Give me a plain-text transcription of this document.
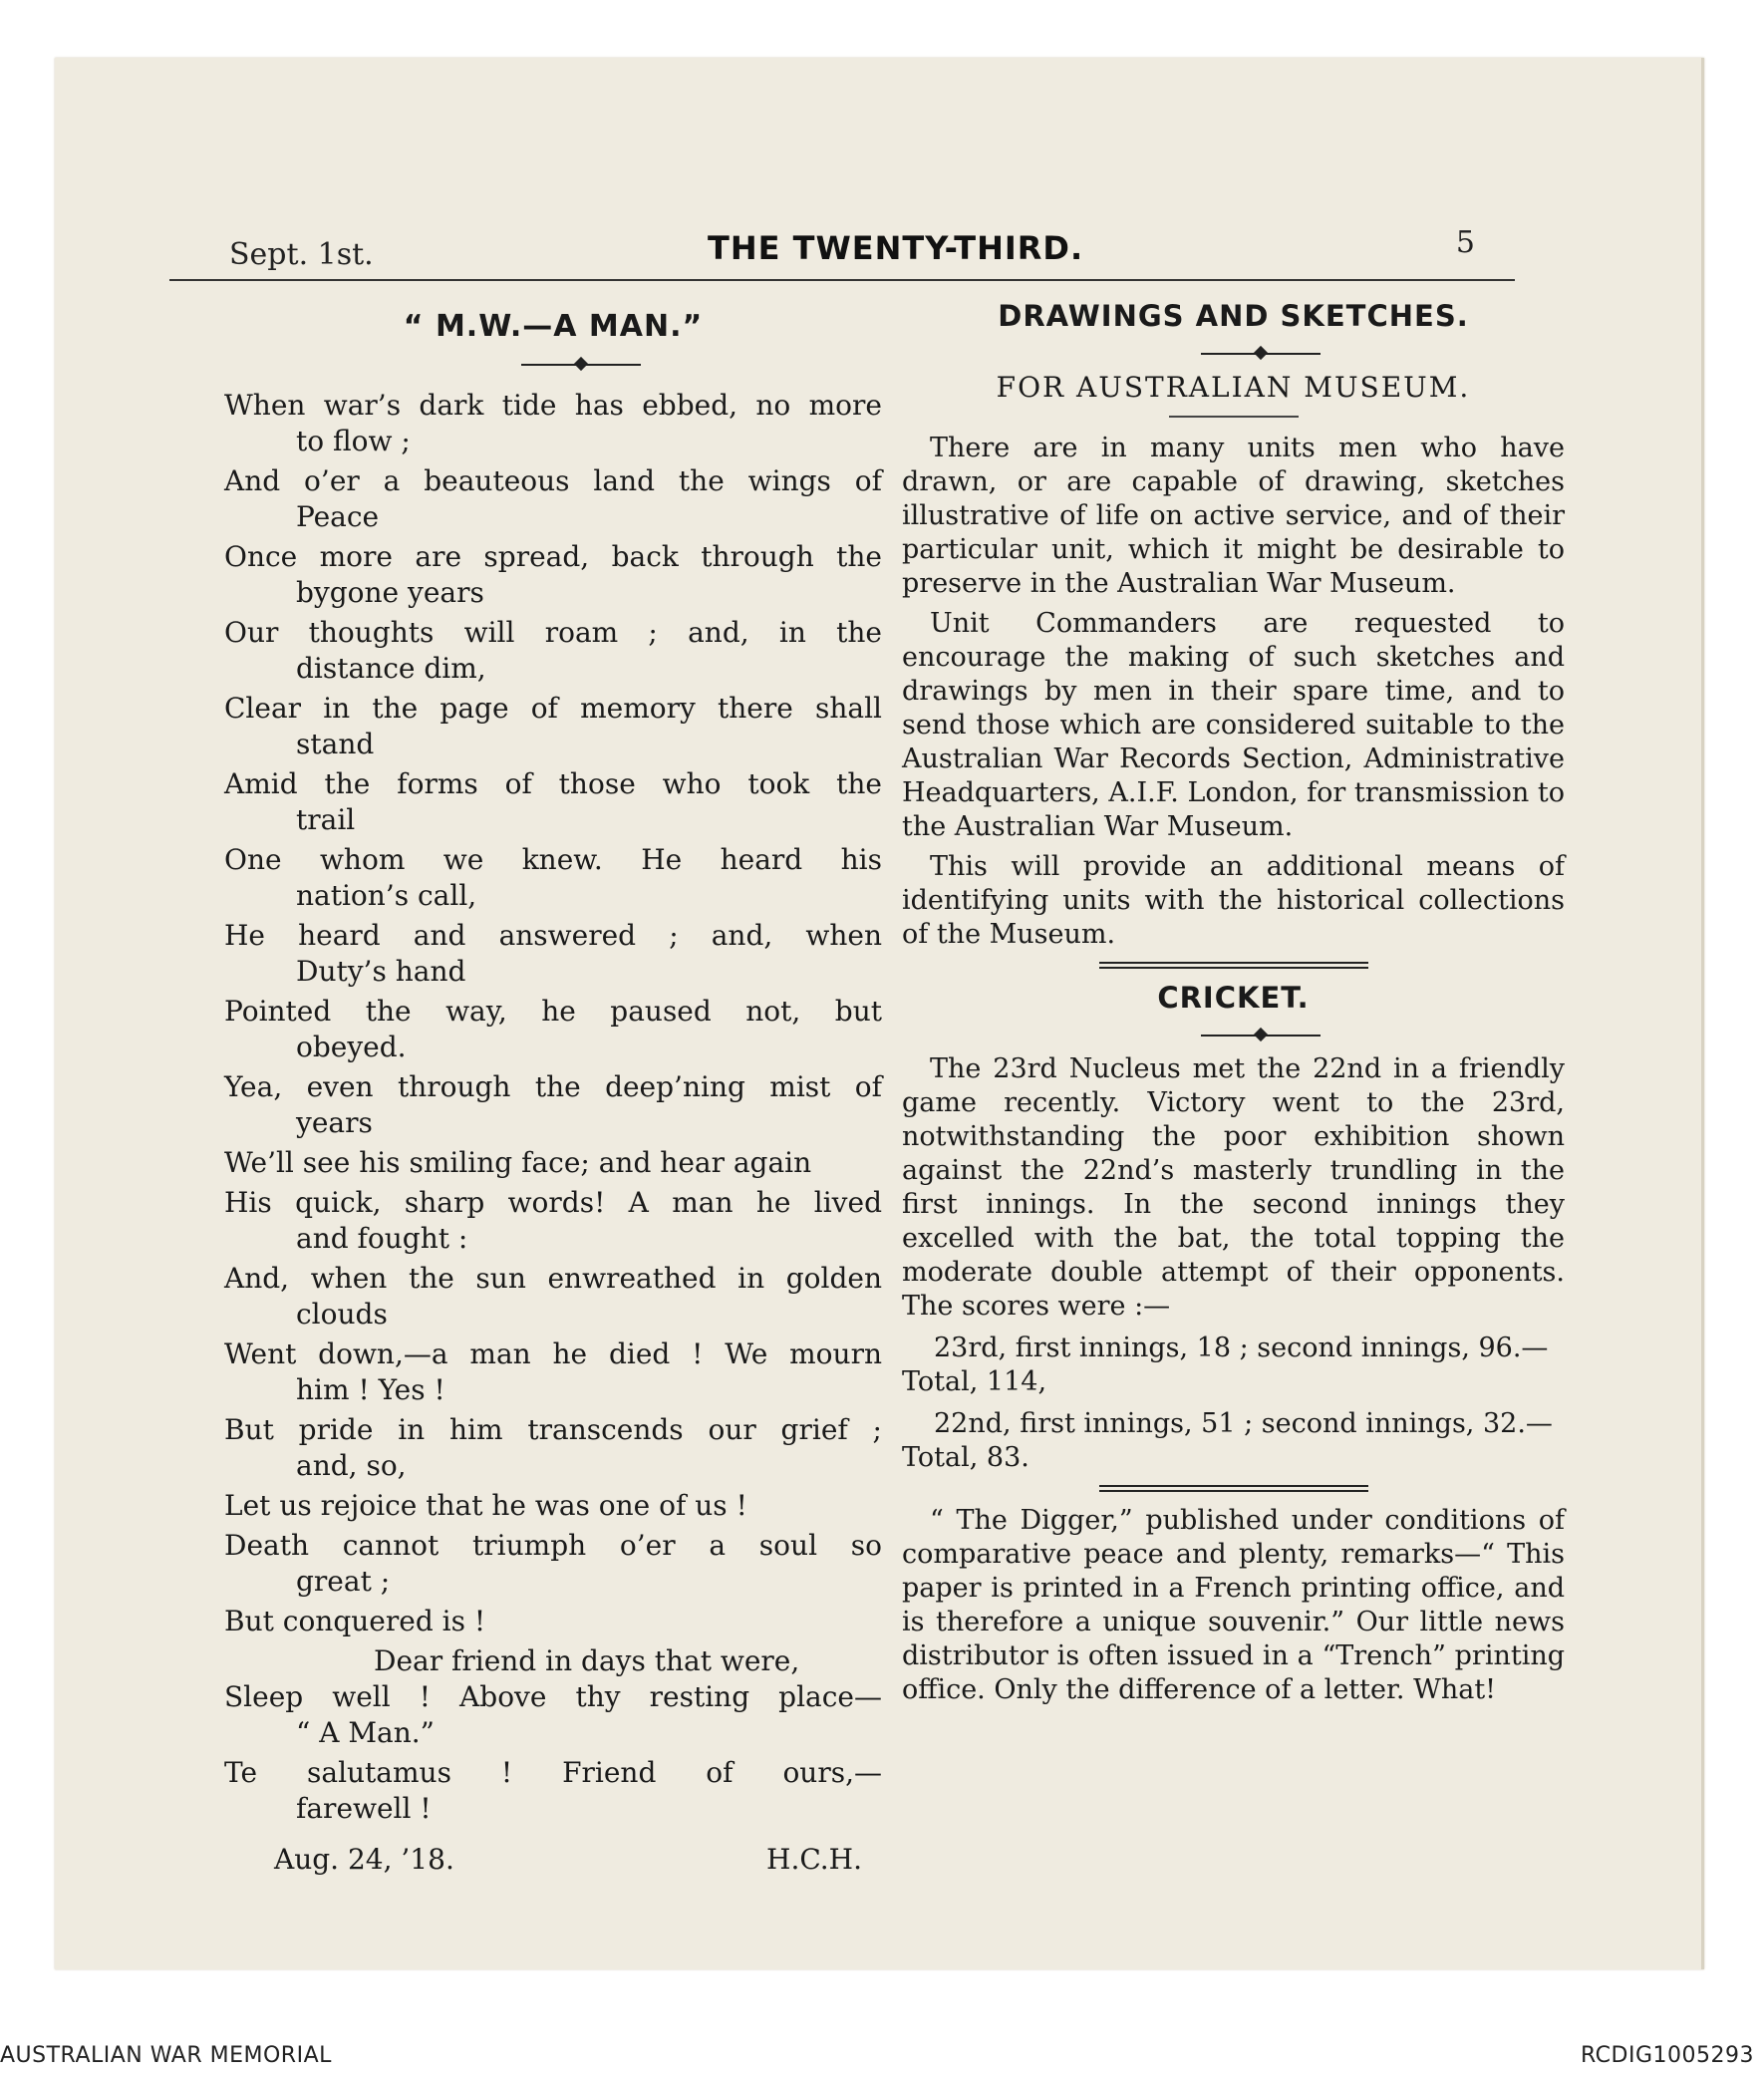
Sept. 1st.	THE TWENTY-THIRD.	5
“ M.W.—A MAN.”
When war’s dark tide has ebbed, no more
to flow ;
And o’er a beauteous land the wings of
Peace
Once more are spread, back through the
bygone years
Our thoughts will roam ; and, in the
distance dim,
Clear in the page of memory there shall
stand
Amid the forms of those who took the
trail
One whom we knew. He heard his
nation’s call,
He heard and answered ; and, when
Duty’s hand
Pointed the way, he paused not, but
obeyed.
Yea, even through the deep’ning mist of
years
We’ll see his smiling face; and hear again
His quick, sharp words! A man he lived
and fought :
And, when the sun enwreathed in golden
clouds
Went down,—a man he died ! We mourn
him ! Yes !
But pride in him transcends our grief ;
and, so,
Let us rejoice that he was one of us !
Death cannot triumph o’er a soul so
great ;
But conquered is !
Dear friend in days that were,
Sleep well ! Above thy resting place—
“ A Man.”
Te salutamus ! Friend of ours,—
farewell !
Aug. 24, ’18.	H.C.H.
DRAWINGS AND SKETCHES.
FOR AUSTRALIAN MUSEUM.

There are in many units men who have drawn, or are capable of drawing, sketches illustrative of life on active service, and of their particular unit, which it might be desirable to preserve in the Australian War Museum.

Unit Commanders are requested to encourage the making of such sketches and drawings by men in their spare time, and to send those which are considered suitable to the Australian War Records Section, Administrative Headquarters, A.I.F. London, for transmission to the Australian War Museum.

This will provide an additional means of identifying units with the historical collections of the Museum.

CRICKET.

The 23rd Nucleus met the 22nd in a friendly game recently. Victory went to the 23rd, notwithstanding the poor exhibition shown against the 22nd’s masterly trundling in the first innings. In the second innings they excelled with the bat, the total topping the moderate double attempt of their opponents. The scores were :—

23rd, first innings, 18 ; second innings, 96.—Total, 114,

22nd, first innings, 51 ; second innings, 32.—Total, 83.

“ The Digger,” published under conditions of comparative peace and plenty, remarks—“ This paper is printed in a French printing office, and is therefore a unique souvenir.” Our little news distributor is often issued in a “Trench” printing office. Only the difference of a letter. What!

AUSTRALIAN WAR MEMORIAL	RCDIG1005293
